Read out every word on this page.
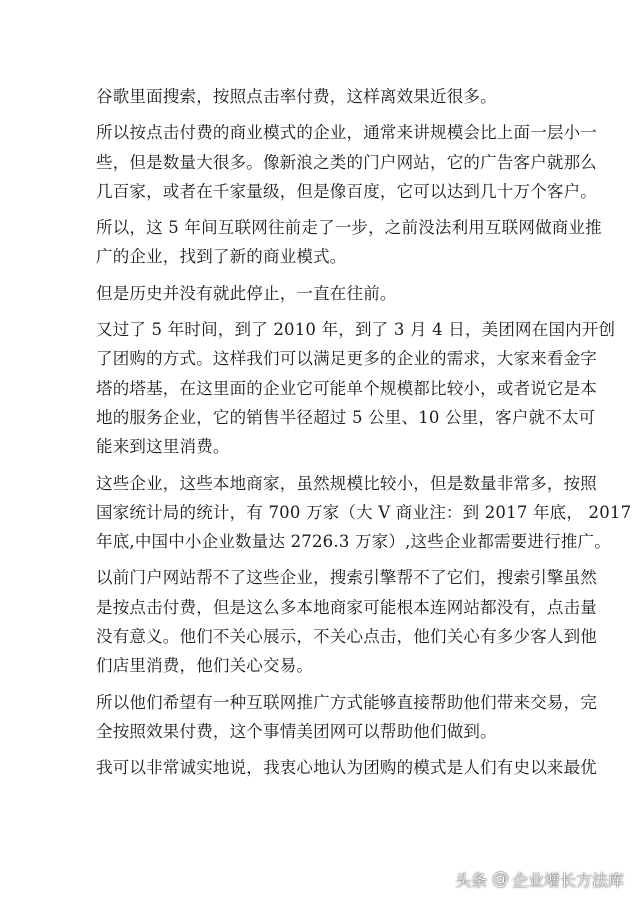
谷歌里面搜索，按照点击率付费，这样离效果近很多。

所以按点击付费的商业模式的企业，通常来讲规模会比上面一层小一
些，但是数量大很多。像新浪之类的门户网站，它的广告客户就那么
几百家，或者在千家量级，但是像百度，它可以达到几十万个客户。

所以，这 5 年间互联网往前走了一步，之前没法利用互联网做商业推
广的企业，找到了新的商业模式。

但是历史并没有就此停止，一直在往前。

又过了 5 年时间，到了 2010 年，到了 3 月 4 日，美团网在国内开创
了团购的方式。这样我们可以满足更多的企业的需求，大家来看金字
塔的塔基，在这里面的企业它可能单个规模都比较小，或者说它是本
地的服务企业，它的销售半径超过 5 公里、10 公里，客户就不太可
能来到这里消费。

这些企业，这些本地商家，虽然规模比较小，但是数量非常多，按照
国家统计局的统计，有 700 万家（大 V 商业注：到 2017 年底， 2017
年底,中国中小企业数量达 2726.3 万家）,这些企业都需要进行推广。

以前门户网站帮不了这些企业，搜索引擎帮不了它们，搜索引擎虽然
是按点击付费，但是这么多本地商家可能根本连网站都没有，点击量
没有意义。他们不关心展示，不关心点击，他们关心有多少客人到他
们店里消费，他们关心交易。

所以他们希望有一种互联网推广方式能够直接帮助他们带来交易，完
全按照效果付费，这个事情美团网可以帮助他们做到。

我可以非常诚实地说，我衷心地认为团购的模式是人们有史以来最优

头条 @ 企业增长方法库
